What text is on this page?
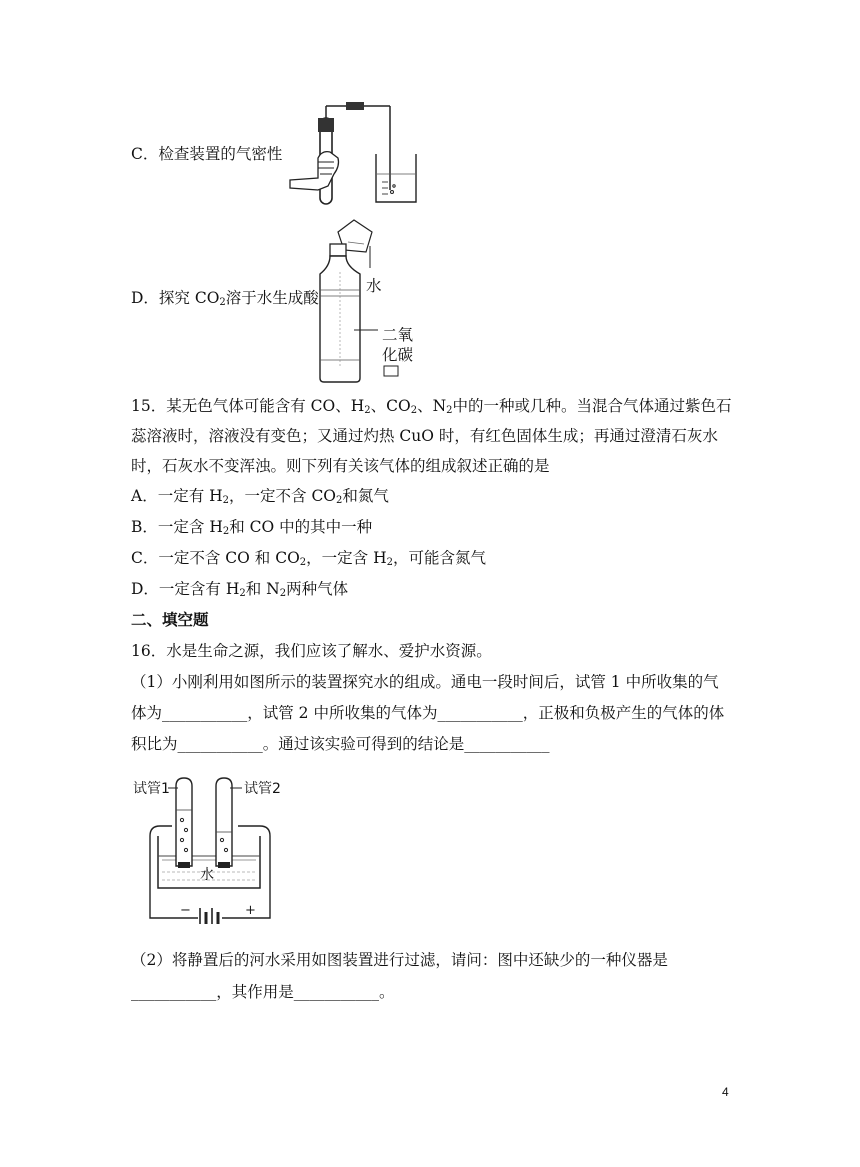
水
二氧
化碳
C．检查装置的气密性
D．探究 $CO_2$溶于水生成酸
15．某无色气体可能含有 CO、$H_2$、$CO_2$、$N_2$中的一种或几种。当混合气体通过紫色石
蕊溶液时，溶液没有变色；又通过灼热 CuO 时，有红色固体生成；再通过澄清石灰水
时，石灰水不变浑浊。则下列有关该气体的组成叙述正确的是
A．一定有 $H_2$，一定不含 $CO_2$和氮气
B．一定含 $H_2$和 CO 中的其中一种
C．一定不含 CO 和 $CO_2$，一定含 $H_2$，可能含氮气
D．一定含有 $H_2$和 $N_2$两种气体
二、填空题
16．水是生命之源，我们应该了解水、爱护水资源。
（1）小刚利用如图所示的装置探究水的组成。通电一段时间后，试管 1 中所收集的气
体为___________，试管 2 中所收集的气体为___________，正极和负极产生的气体的体
积比为___________。通过该实验可得到的结论是___________
试管1	试管2
水
−	+
（2）将静置后的河水采用如图装置进行过滤，请问：图中还缺少的一种仪器是
___________，其作用是___________。
4
